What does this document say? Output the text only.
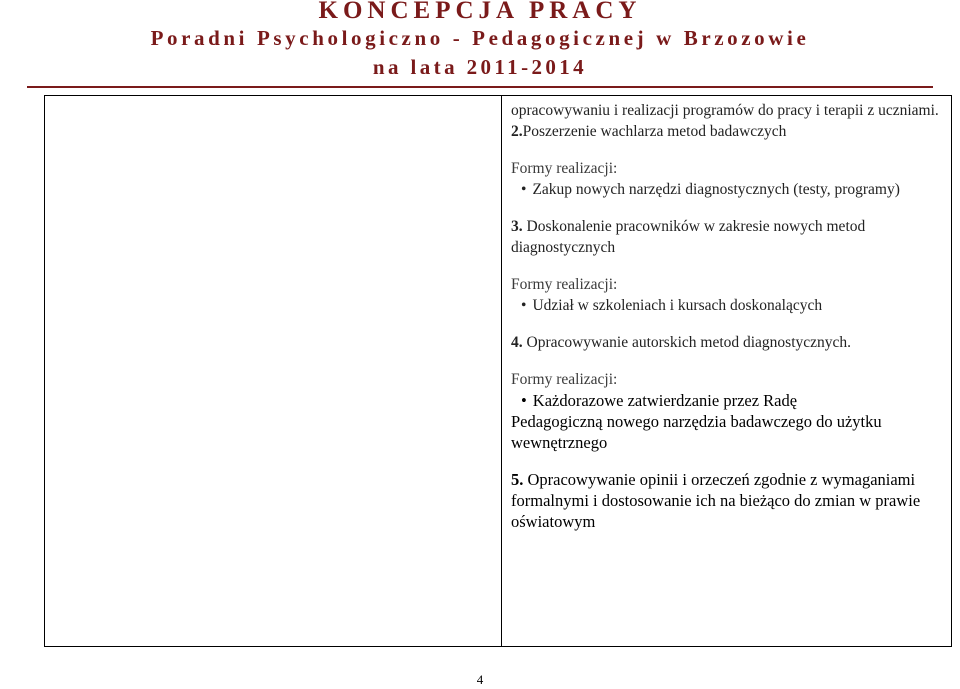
KONCEPCJA PRACY
Poradni Psychologiczno - Pedagogicznej w Brzozowie
na lata 2011-2014

opracowywaniu i realizacji programów do pracy i terapii z uczniami.

2.Poszerzenie wachlarza metod badawczych

Formy realizacji:

• Zakup nowych narzędzi diagnostycznych (testy, programy)

3. Doskonalenie pracowników w zakresie nowych metod diagnostycznych

Formy realizacji:

• Udział w szkoleniach i kursach doskonalących

4. Opracowywanie autorskich metod diagnostycznych.

Formy realizacji:

• Każdorazowe zatwierdzanie przez Radę

Pedagogiczną nowego narzędzia badawczego do użytku wewnętrznego

5. Opracowywanie opinii i orzeczeń zgodnie z wymaganiami formalnymi i dostosowanie ich na bieżąco do zmian w prawie oświatowym

4
